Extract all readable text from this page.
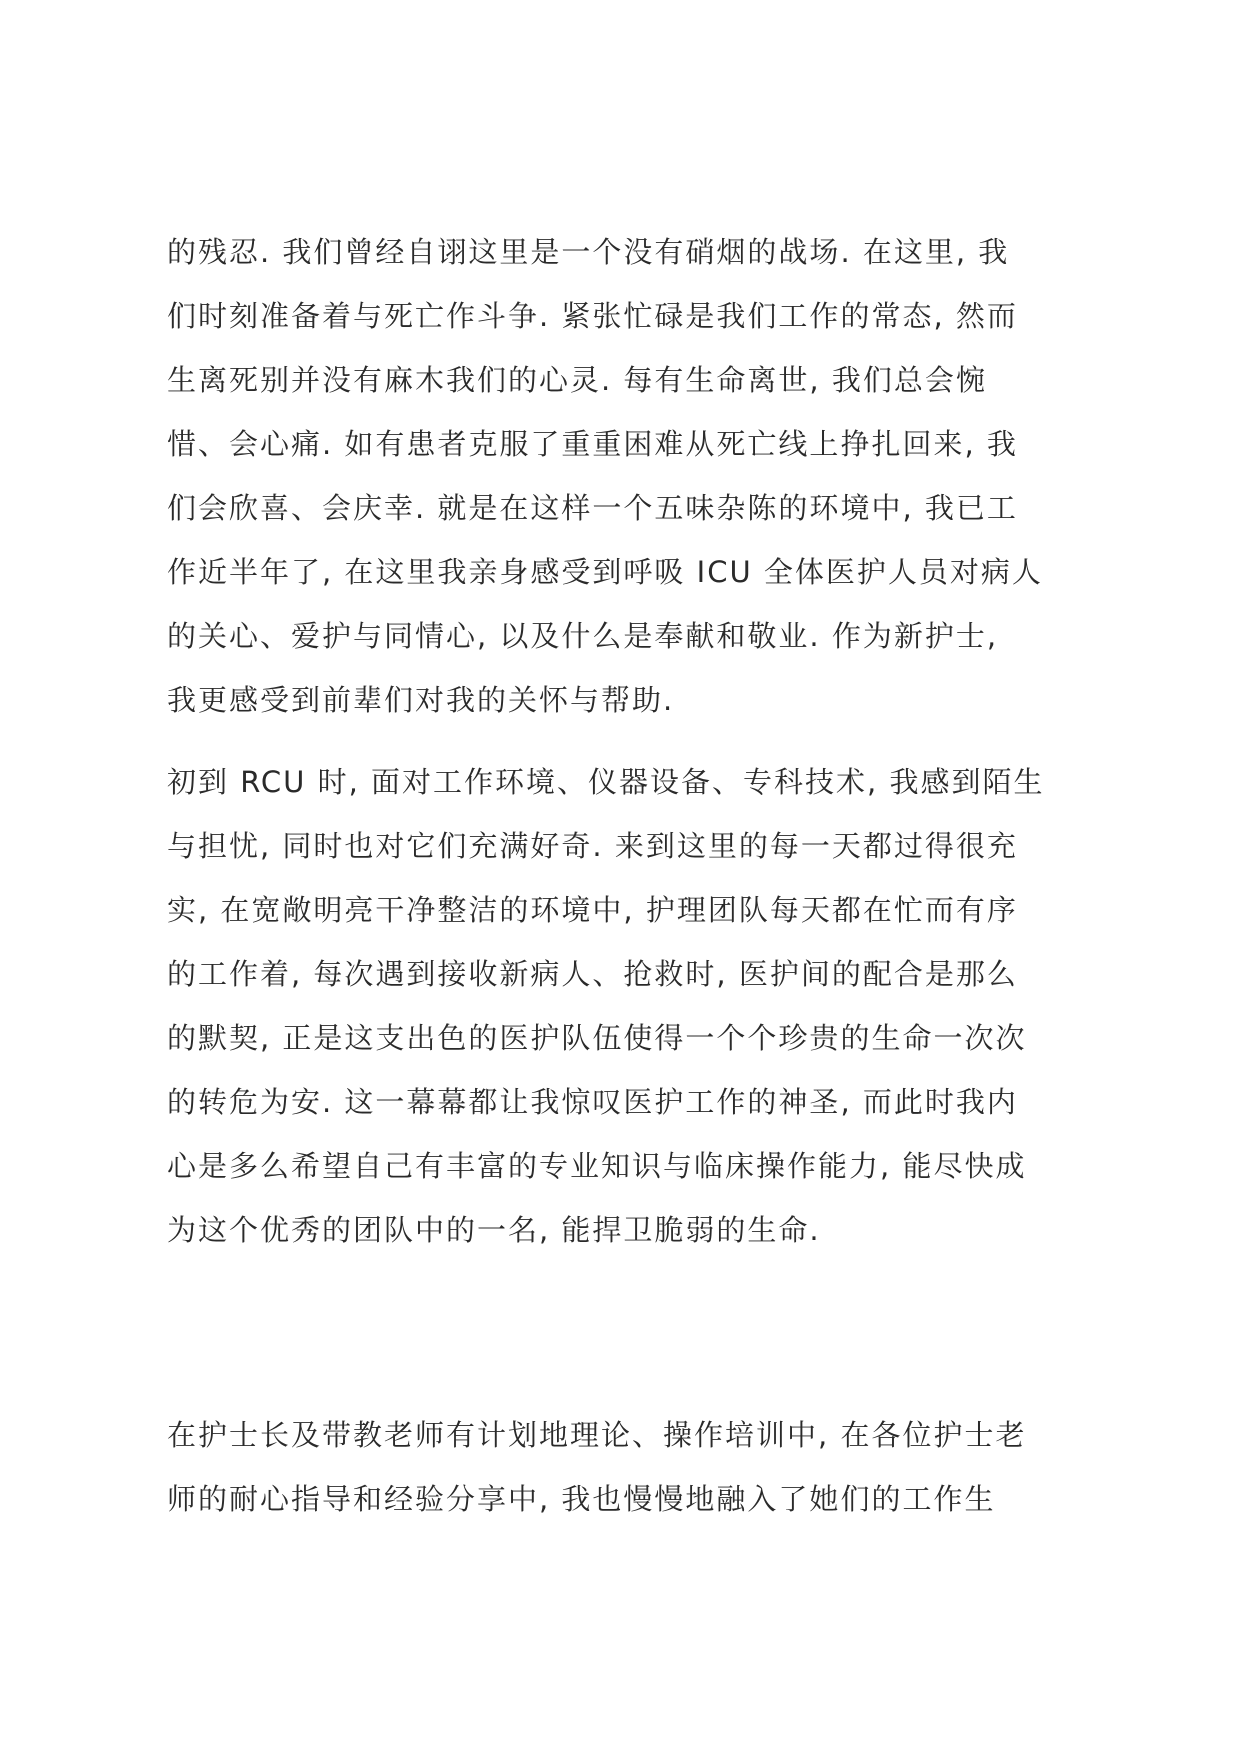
的残忍. 我们曾经自诩这里是一个没有硝烟的战场. 在这里, 我
们时刻准备着与死亡作斗争. 紧张忙碌是我们工作的常态, 然而
生离死别并没有麻木我们的心灵. 每有生命离世, 我们总会惋
惜、会心痛. 如有患者克服了重重困难从死亡线上挣扎回来, 我
们会欣喜、会庆幸. 就是在这样一个五味杂陈的环境中, 我已工
作近半年了, 在这里我亲身感受到呼吸 ICU 全体医护人员对病人
的关心、爱护与同情心, 以及什么是奉献和敬业. 作为新护士,
我更感受到前辈们对我的关怀与帮助.
初到 RCU 时, 面对工作环境、仪器设备、专科技术, 我感到陌生
与担忧, 同时也对它们充满好奇. 来到这里的每一天都过得很充
实, 在宽敞明亮干净整洁的环境中, 护理团队每天都在忙而有序
的工作着, 每次遇到接收新病人、抢救时, 医护间的配合是那么
的默契, 正是这支出色的医护队伍使得一个个珍贵的生命一次次
的转危为安. 这一幕幕都让我惊叹医护工作的神圣, 而此时我内
心是多么希望自己有丰富的专业知识与临床操作能力, 能尽快成
为这个优秀的团队中的一名, 能捍卫脆弱的生命.
在护士长及带教老师有计划地理论、操作培训中, 在各位护士老
师的耐心指导和经验分享中, 我也慢慢地融入了她们的工作生
